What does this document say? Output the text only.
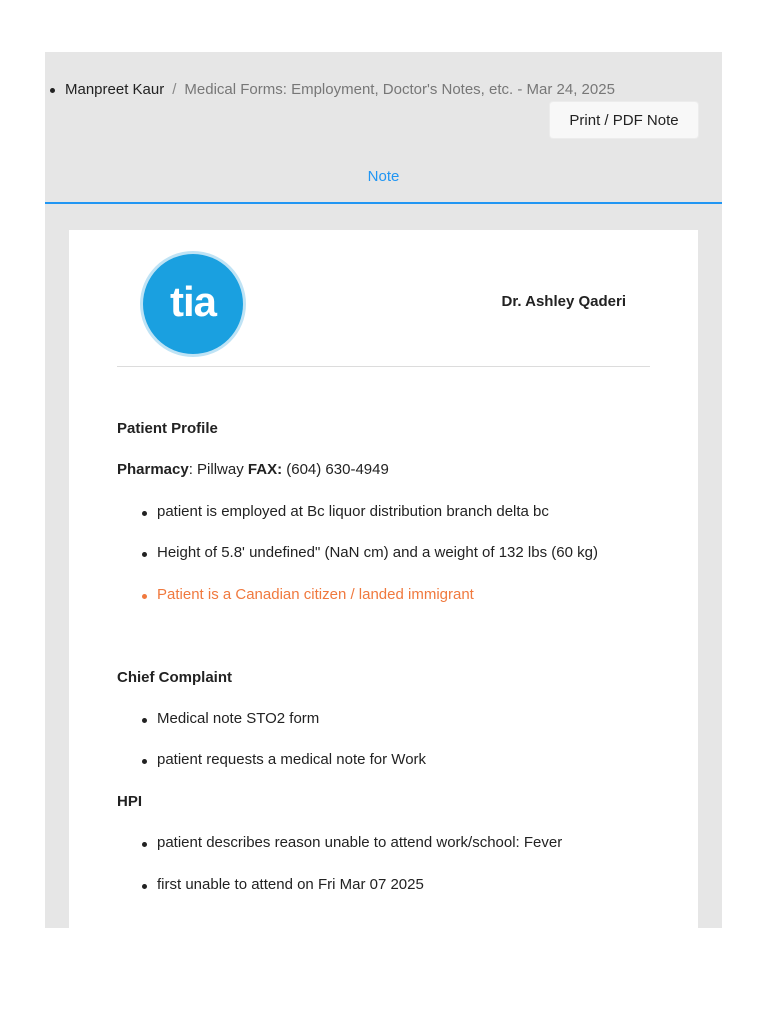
Manpreet Kaur / Medical Forms: Employment, Doctor's Notes, etc. - Mar 24, 2025
Print / PDF Note
Note
tia	Dr. Ashley Qaderi

Patient Profile

Pharmacy: Pillway FAX: (604) 630-4949

patient is employed at Bc liquor distribution branch delta bc
Height of 5.8' undefined" (NaN cm) and a weight of 132 lbs (60 kg)
Patient is a Canadian citizen / landed immigrant

Chief Complaint

Medical note STO2 form
patient requests a medical note for Work

HPI

patient describes reason unable to attend work/school: Fever
first unable to attend on Fri Mar 07 2025
